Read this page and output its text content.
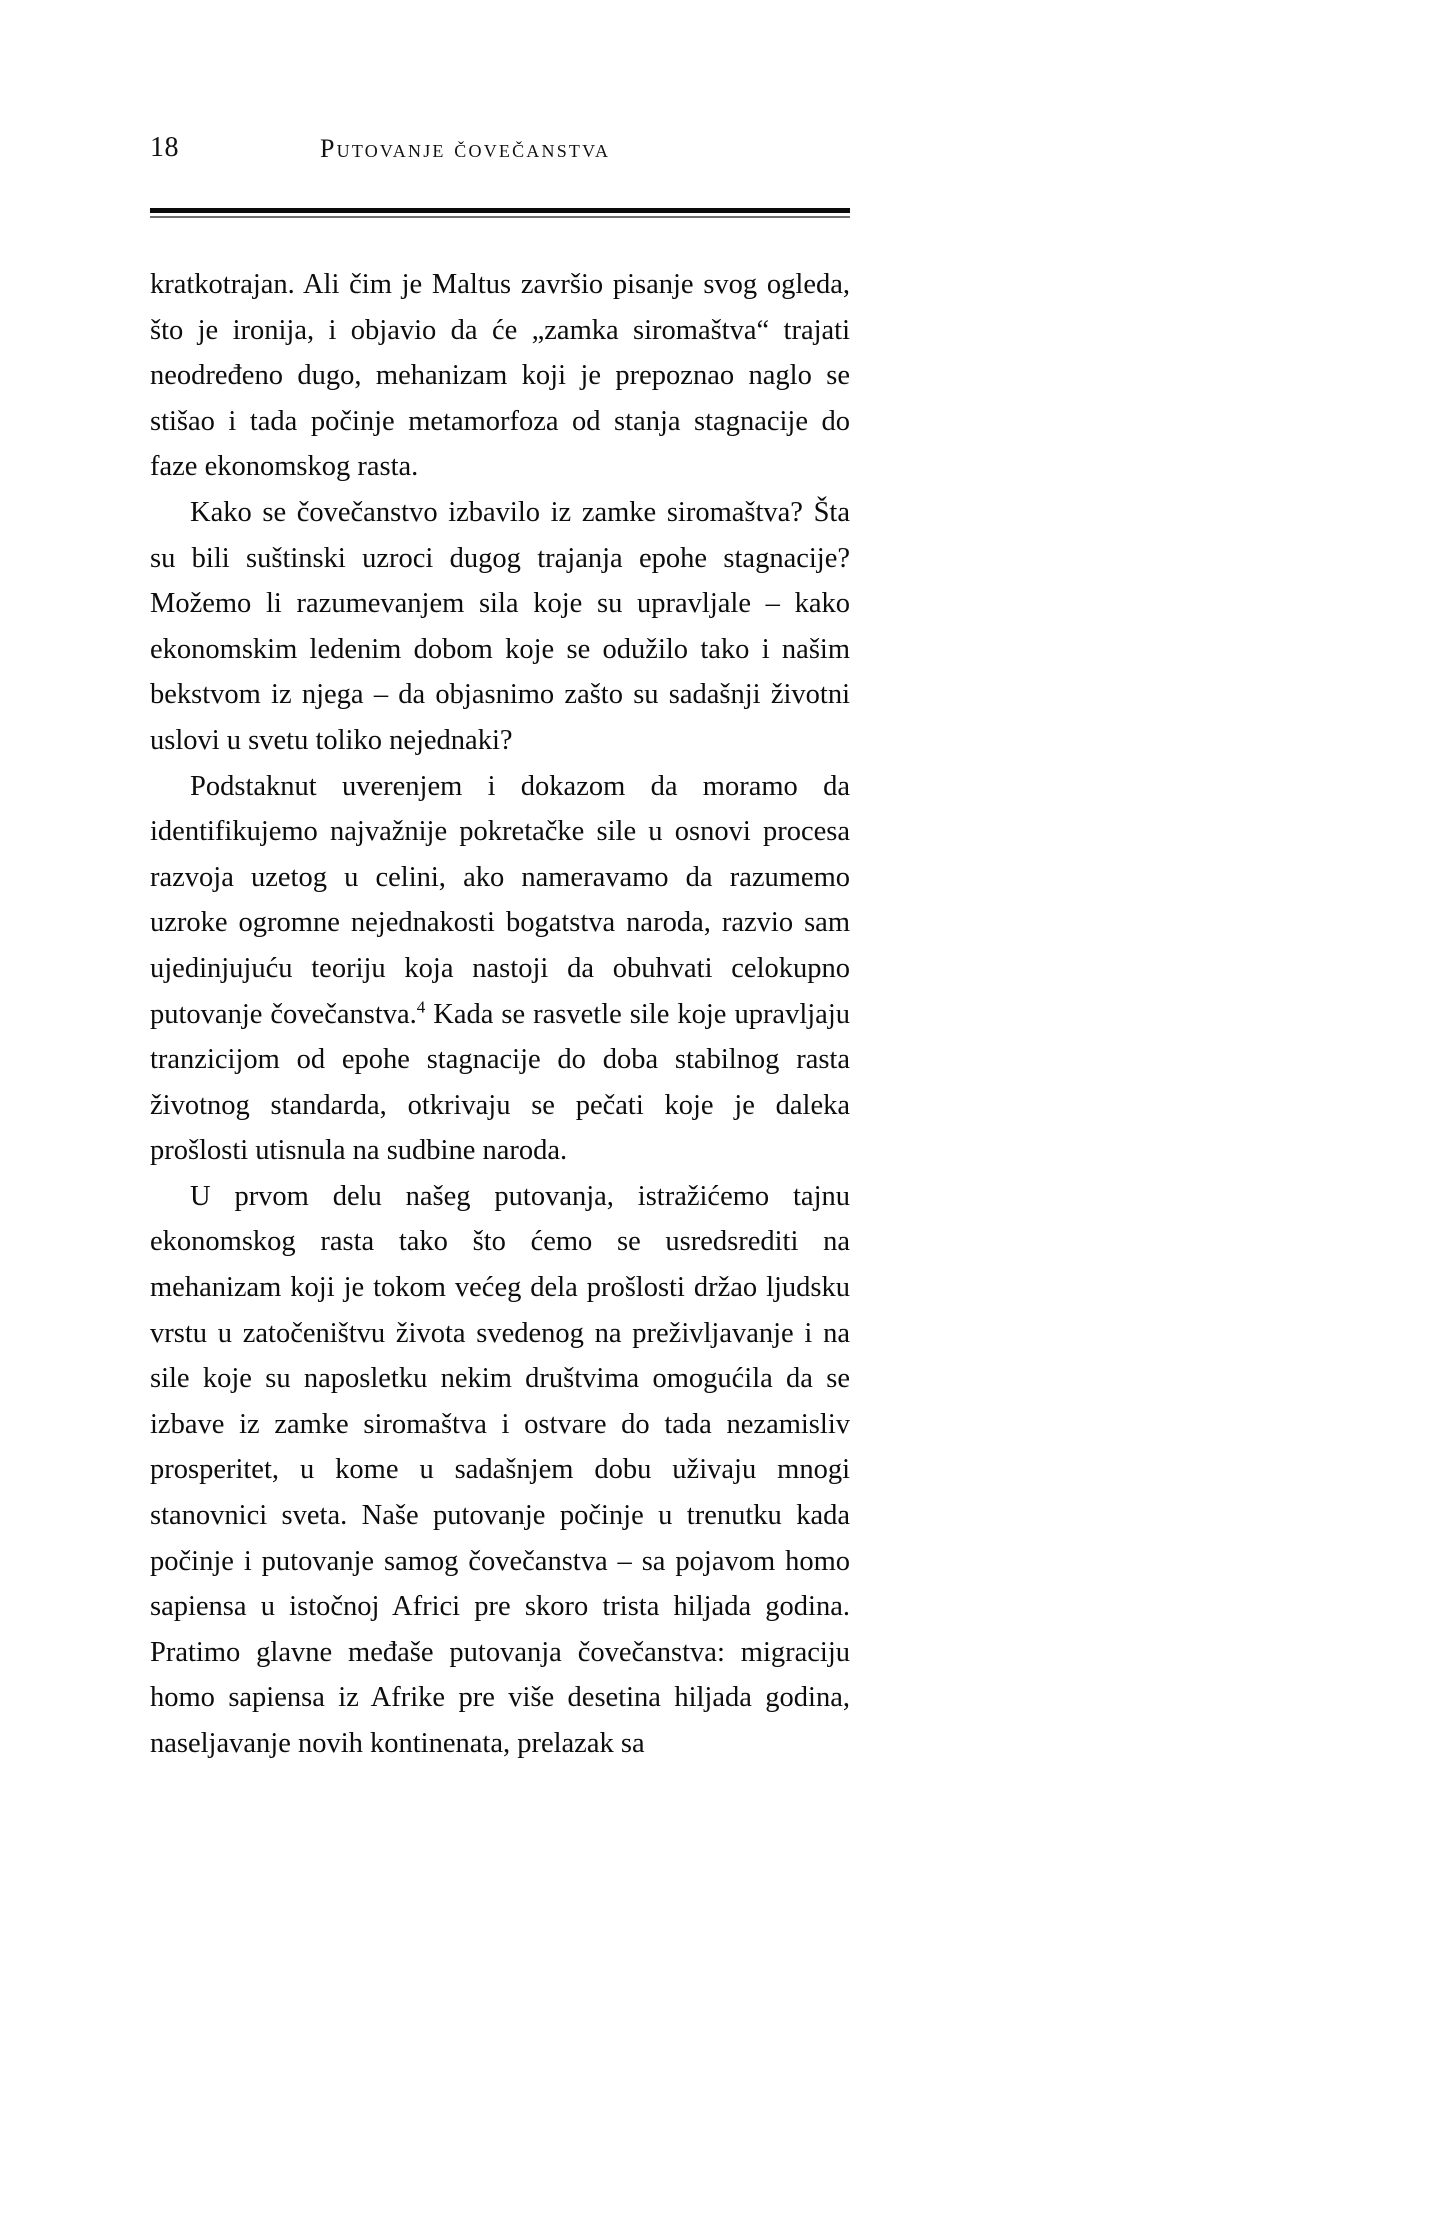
18	Putovanje čovečanstva

kratkotrajan. Ali čim je Maltus završio pisanje svog ogleda, što je ironija, i objavio da će „zamka siromaštva“ trajati neodređeno dugo, mehanizam koji je prepoznao naglo se stišao i tada počinje metamorfoza od stanja stagnacije do faze ekonomskog rasta.

Kako se čovečanstvo izbavilo iz zamke siromaštva? Šta su bili suštinski uzroci dugog trajanja epohe stagnacije? Možemo li razumevanjem sila koje su upravljale – kako ekonomskim ledenim dobom koje se odužilo tako i našim bekstvom iz njega – da objasnimo zašto su sadašnji životni uslovi u svetu toliko nejednaki?

Podstaknut uverenjem i dokazom da moramo da identifikujemo najvažnije pokretačke sile u osnovi procesa razvoja uzetog u celini, ako nameravamo da razumemo uzroke ogromne nejednakosti bogatstva naroda, razvio sam ujedinjujuću teoriju koja nastoji da obuhvati celokupno putovanje čovečanstva.$^4$ Kada se rasvetle sile koje upravljaju tranzicijom od epohe stagnacije do doba stabilnog rasta životnog standarda, otkrivaju se pečati koje je daleka prošlosti utisnula na sudbine naroda.

U prvom delu našeg putovanja, istražićemo tajnu ekonomskog rasta tako što ćemo se usredsrediti na mehanizam koji je tokom većeg dela prošlosti držao ljudsku vrstu u zatočeništvu života svedenog na preživljavanje i na sile koje su naposletku nekim društvima omogućila da se izbave iz zamke siromaštva i ostvare do tada nezamisliv prosperitet, u kome u sadašnjem dobu uživaju mnogi stanovnici sveta. Naše putovanje počinje u trenutku kada počinje i putovanje samog čovečanstva – sa pojavom homo sapiensa u istočnoj Africi pre skoro trista hiljada godina. Pratimo glavne međaše putovanja čovečanstva: migraciju homo sapiensa iz Afrike pre više desetina hiljada godina, naseljavanje novih kontinenata, prelazak sa
